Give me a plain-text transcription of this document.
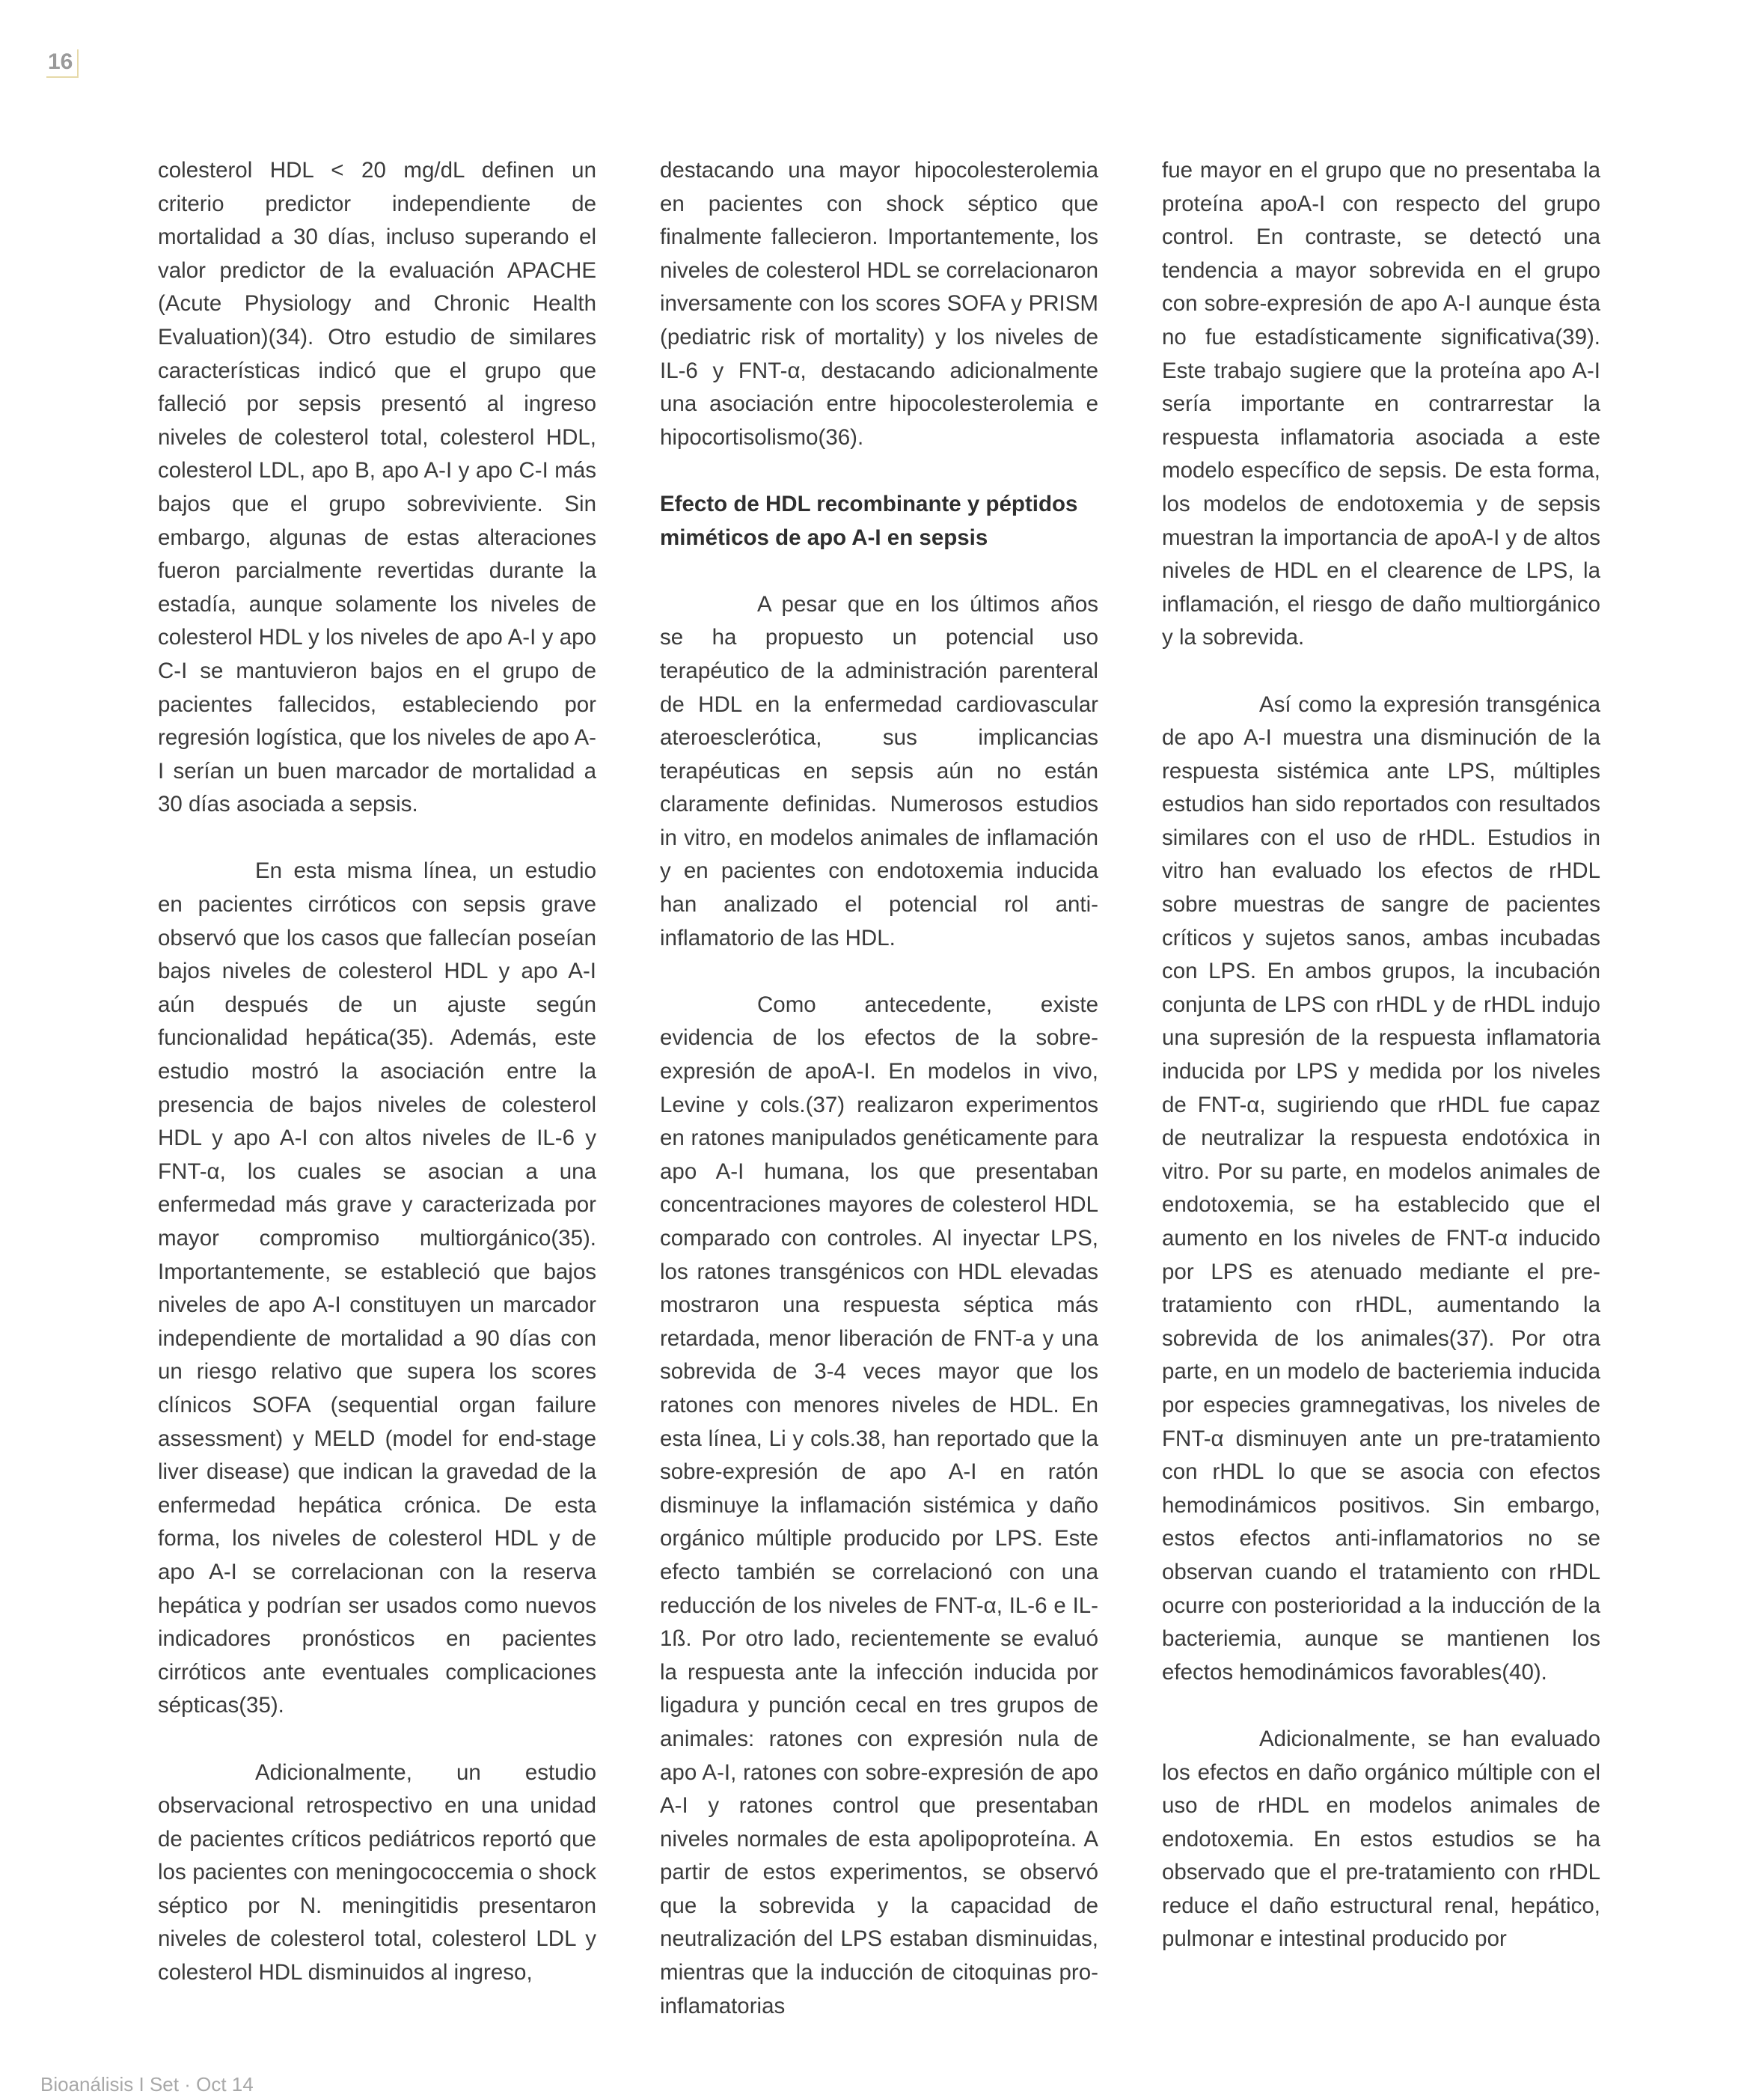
16

colesterol HDL < 20 mg/dL definen un criterio predictor independiente de mortalidad a 30 días, incluso superando el valor predictor de la evaluación APACHE (Acute Physiology and Chronic Health Evaluation)(34). Otro estudio de similares características indicó que el grupo que falleció por sepsis presentó al ingreso niveles de colesterol total, colesterol HDL, colesterol LDL, apo B, apo A-I y apo C-I más bajos que el grupo sobreviviente. Sin embargo, algunas de estas alteraciones fueron parcialmente revertidas durante la estadía, aunque solamente los niveles de colesterol HDL y los niveles de apo A-I y apo C-I se mantuvieron bajos en el grupo de pacientes fallecidos, estableciendo por regresión logística, que los niveles de apo A-I serían un buen marcador de mortalidad a 30 días asociada a sepsis.

En esta misma línea, un estudio en pacientes cirróticos con sepsis grave observó que los casos que fallecían poseían bajos niveles de colesterol HDL y apo A-I aún después de un ajuste según funcionalidad hepática(35). Además, este estudio mostró la asociación entre la presencia de bajos niveles de colesterol HDL y apo A-I con altos niveles de IL-6 y FNT-α, los cuales se asocian a una enfermedad más grave y caracterizada por mayor compromiso multiorgánico(35). Importantemente, se estableció que bajos niveles de apo A-I constituyen un marcador independiente de mortalidad a 90 días con un riesgo relativo que supera los scores clínicos SOFA (sequential organ failure assessment) y MELD (model for end-stage liver disease) que indican la gravedad de la enfermedad hepática crónica. De esta forma, los niveles de colesterol HDL y de apo A-I se correlacionan con la reserva hepática y podrían ser usados como nuevos indicadores pronósticos en pacientes cirróticos ante eventuales complicaciones sépticas(35).

Adicionalmente, un estudio observacional retrospectivo en una unidad de pacientes críticos pediátricos reportó que los pacientes con meningococcemia o shock séptico por N. meningitidis presentaron niveles de colesterol total, colesterol LDL y colesterol HDL disminuidos al ingreso,

destacando una mayor hipocolesterolemia en pacientes con shock séptico que finalmente fallecieron. Importantemente, los niveles de colesterol HDL se correlacionaron inversamente con los scores SOFA y PRISM (pediatric risk of mortality) y los niveles de IL-6 y FNT-α, destacando adicionalmente una asociación entre hipocolesterolemia e hipocortisolismo(36).

Efecto de HDL recombinante y péptidos miméticos de apo A-I en sepsis

A pesar que en los últimos años se ha propuesto un potencial uso terapéutico de la administración parenteral de HDL en la enfermedad cardiovascular ateroesclerótica, sus implicancias terapéuticas en sepsis aún no están claramente definidas. Numerosos estudios in vitro, en modelos animales de inflamación y en pacientes con endotoxemia inducida han analizado el potencial rol anti-inflamatorio de las HDL.

Como antecedente, existe evidencia de los efectos de la sobre-expresión de apoA-I. En modelos in vivo, Levine y cols.(37) realizaron experimentos en ratones manipulados genéticamente para apo A-I humana, los que presentaban concentraciones mayores de colesterol HDL comparado con controles. Al inyectar LPS, los ratones transgénicos con HDL elevadas mostraron una respuesta séptica más retardada, menor liberación de FNT-a y una sobrevida de 3-4 veces mayor que los ratones con menores niveles de HDL. En esta línea, Li y cols.38, han reportado que la sobre-expresión de apo A-I en ratón disminuye la inflamación sistémica y daño orgánico múltiple producido por LPS. Este efecto también se correlacionó con una reducción de los niveles de FNT-α, IL-6 e IL-1ß. Por otro lado, recientemente se evaluó la respuesta ante la infección inducida por ligadura y punción cecal en tres grupos de animales: ratones con expresión nula de apo A-I, ratones con sobre-expresión de apo A-I y ratones control que presentaban niveles normales de esta apolipoproteína. A partir de estos experimentos, se observó que la sobrevida y la capacidad de neutralización del LPS estaban disminuidas, mientras que la inducción de citoquinas pro-inflamatorias

fue mayor en el grupo que no presentaba la proteína apoA-I con respecto del grupo control. En contraste, se detectó una tendencia a mayor sobrevida en el grupo con sobre-expresión de apo A-I aunque ésta no fue estadísticamente significativa(39). Este trabajo sugiere que la proteína apo A-I sería importante en contrarrestar la respuesta inflamatoria asociada a este modelo específico de sepsis. De esta forma, los modelos de endotoxemia y de sepsis muestran la importancia de apoA-I y de altos niveles de HDL en el clearence de LPS, la inflamación, el riesgo de daño multiorgánico y la sobrevida.

Así como la expresión transgénica de apo A-I muestra una disminución de la respuesta sistémica ante LPS, múltiples estudios han sido reportados con resultados similares con el uso de rHDL. Estudios in vitro han evaluado los efectos de rHDL sobre muestras de sangre de pacientes críticos y sujetos sanos, ambas incubadas con LPS. En ambos grupos, la incubación conjunta de LPS con rHDL y de rHDL indujo una supresión de la respuesta inflamatoria inducida por LPS y medida por los niveles de FNT-α, sugiriendo que rHDL fue capaz de neutralizar la respuesta endotóxica in vitro. Por su parte, en modelos animales de endotoxemia, se ha establecido que el aumento en los niveles de FNT-α inducido por LPS es atenuado mediante el pre-tratamiento con rHDL, aumentando la sobrevida de los animales(37). Por otra parte, en un modelo de bacteriemia inducida por especies gramnegativas, los niveles de FNT-α disminuyen ante un pre-tratamiento con rHDL lo que se asocia con efectos hemodinámicos positivos. Sin embargo, estos efectos anti-inflamatorios no se observan cuando el tratamiento con rHDL ocurre con posterioridad a la inducción de la bacteriemia, aunque se mantienen los efectos hemodinámicos favorables(40).

Adicionalmente, se han evaluado los efectos en daño orgánico múltiple con el uso de rHDL en modelos animales de endotoxemia. En estos estudios se ha observado que el pre-tratamiento con rHDL reduce el daño estructural renal, hepático, pulmonar e intestinal producido por

Bioanálisis I Set · Oct 14
